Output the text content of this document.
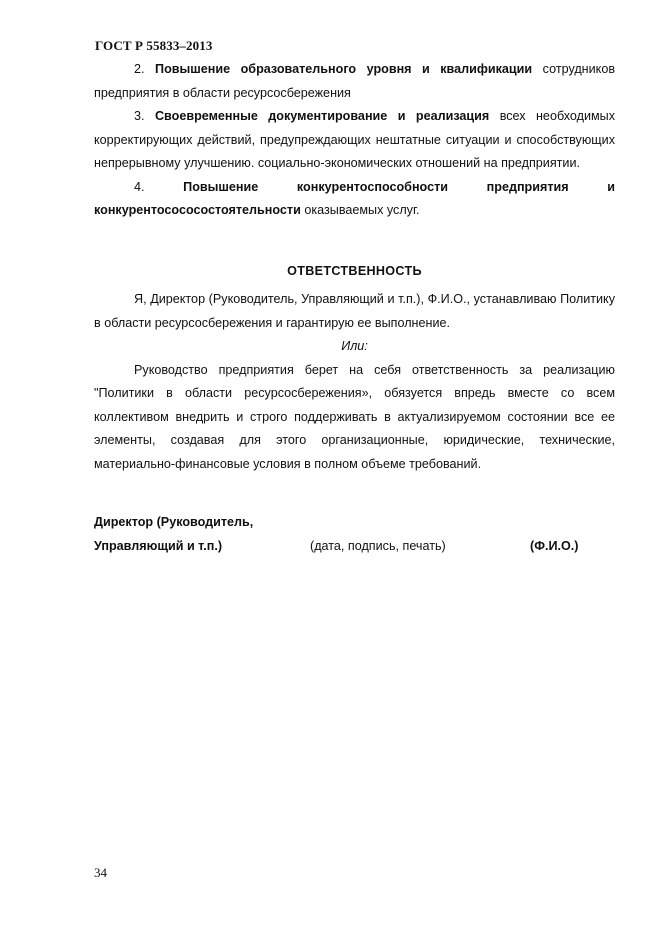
ГОСТ Р 55833–2013

2. Повышение образовательного уровня и квалификации сотрудников предприятия в области ресурсосбережения

3. Своевременные документирование и реализация всех необходимых корректирующих действий, предупреждающих нештатные ситуации и способствующих непрерывному улучшению. социально-экономических отношений на предприятии.

4.	Повышение конкурентоспособности предприятия и конкурентосососостоятельности оказываемых услуг.

ОТВЕТСТВЕННОСТЬ

Я, Директор (Руководитель, Управляющий и т.п.), Ф.И.О., устанавливаю Политику в области ресурсосбережения и гарантирую ее выполнение.

Или:

Руководство предприятия берет на себя ответственность за реализацию "Политики в области ресурсосбережения», обязуется впредь вместе со всем коллективом внедрить и строго поддерживать в актуализируемом состоянии все ее элементы, создавая для этого организационные, юридические, технические, материально-финансовые условия в полном объеме требований.

Директор (Руководитель,
Управляющий и т.п.)	(дата, подпись, печать)	(Ф.И.О.)
34
